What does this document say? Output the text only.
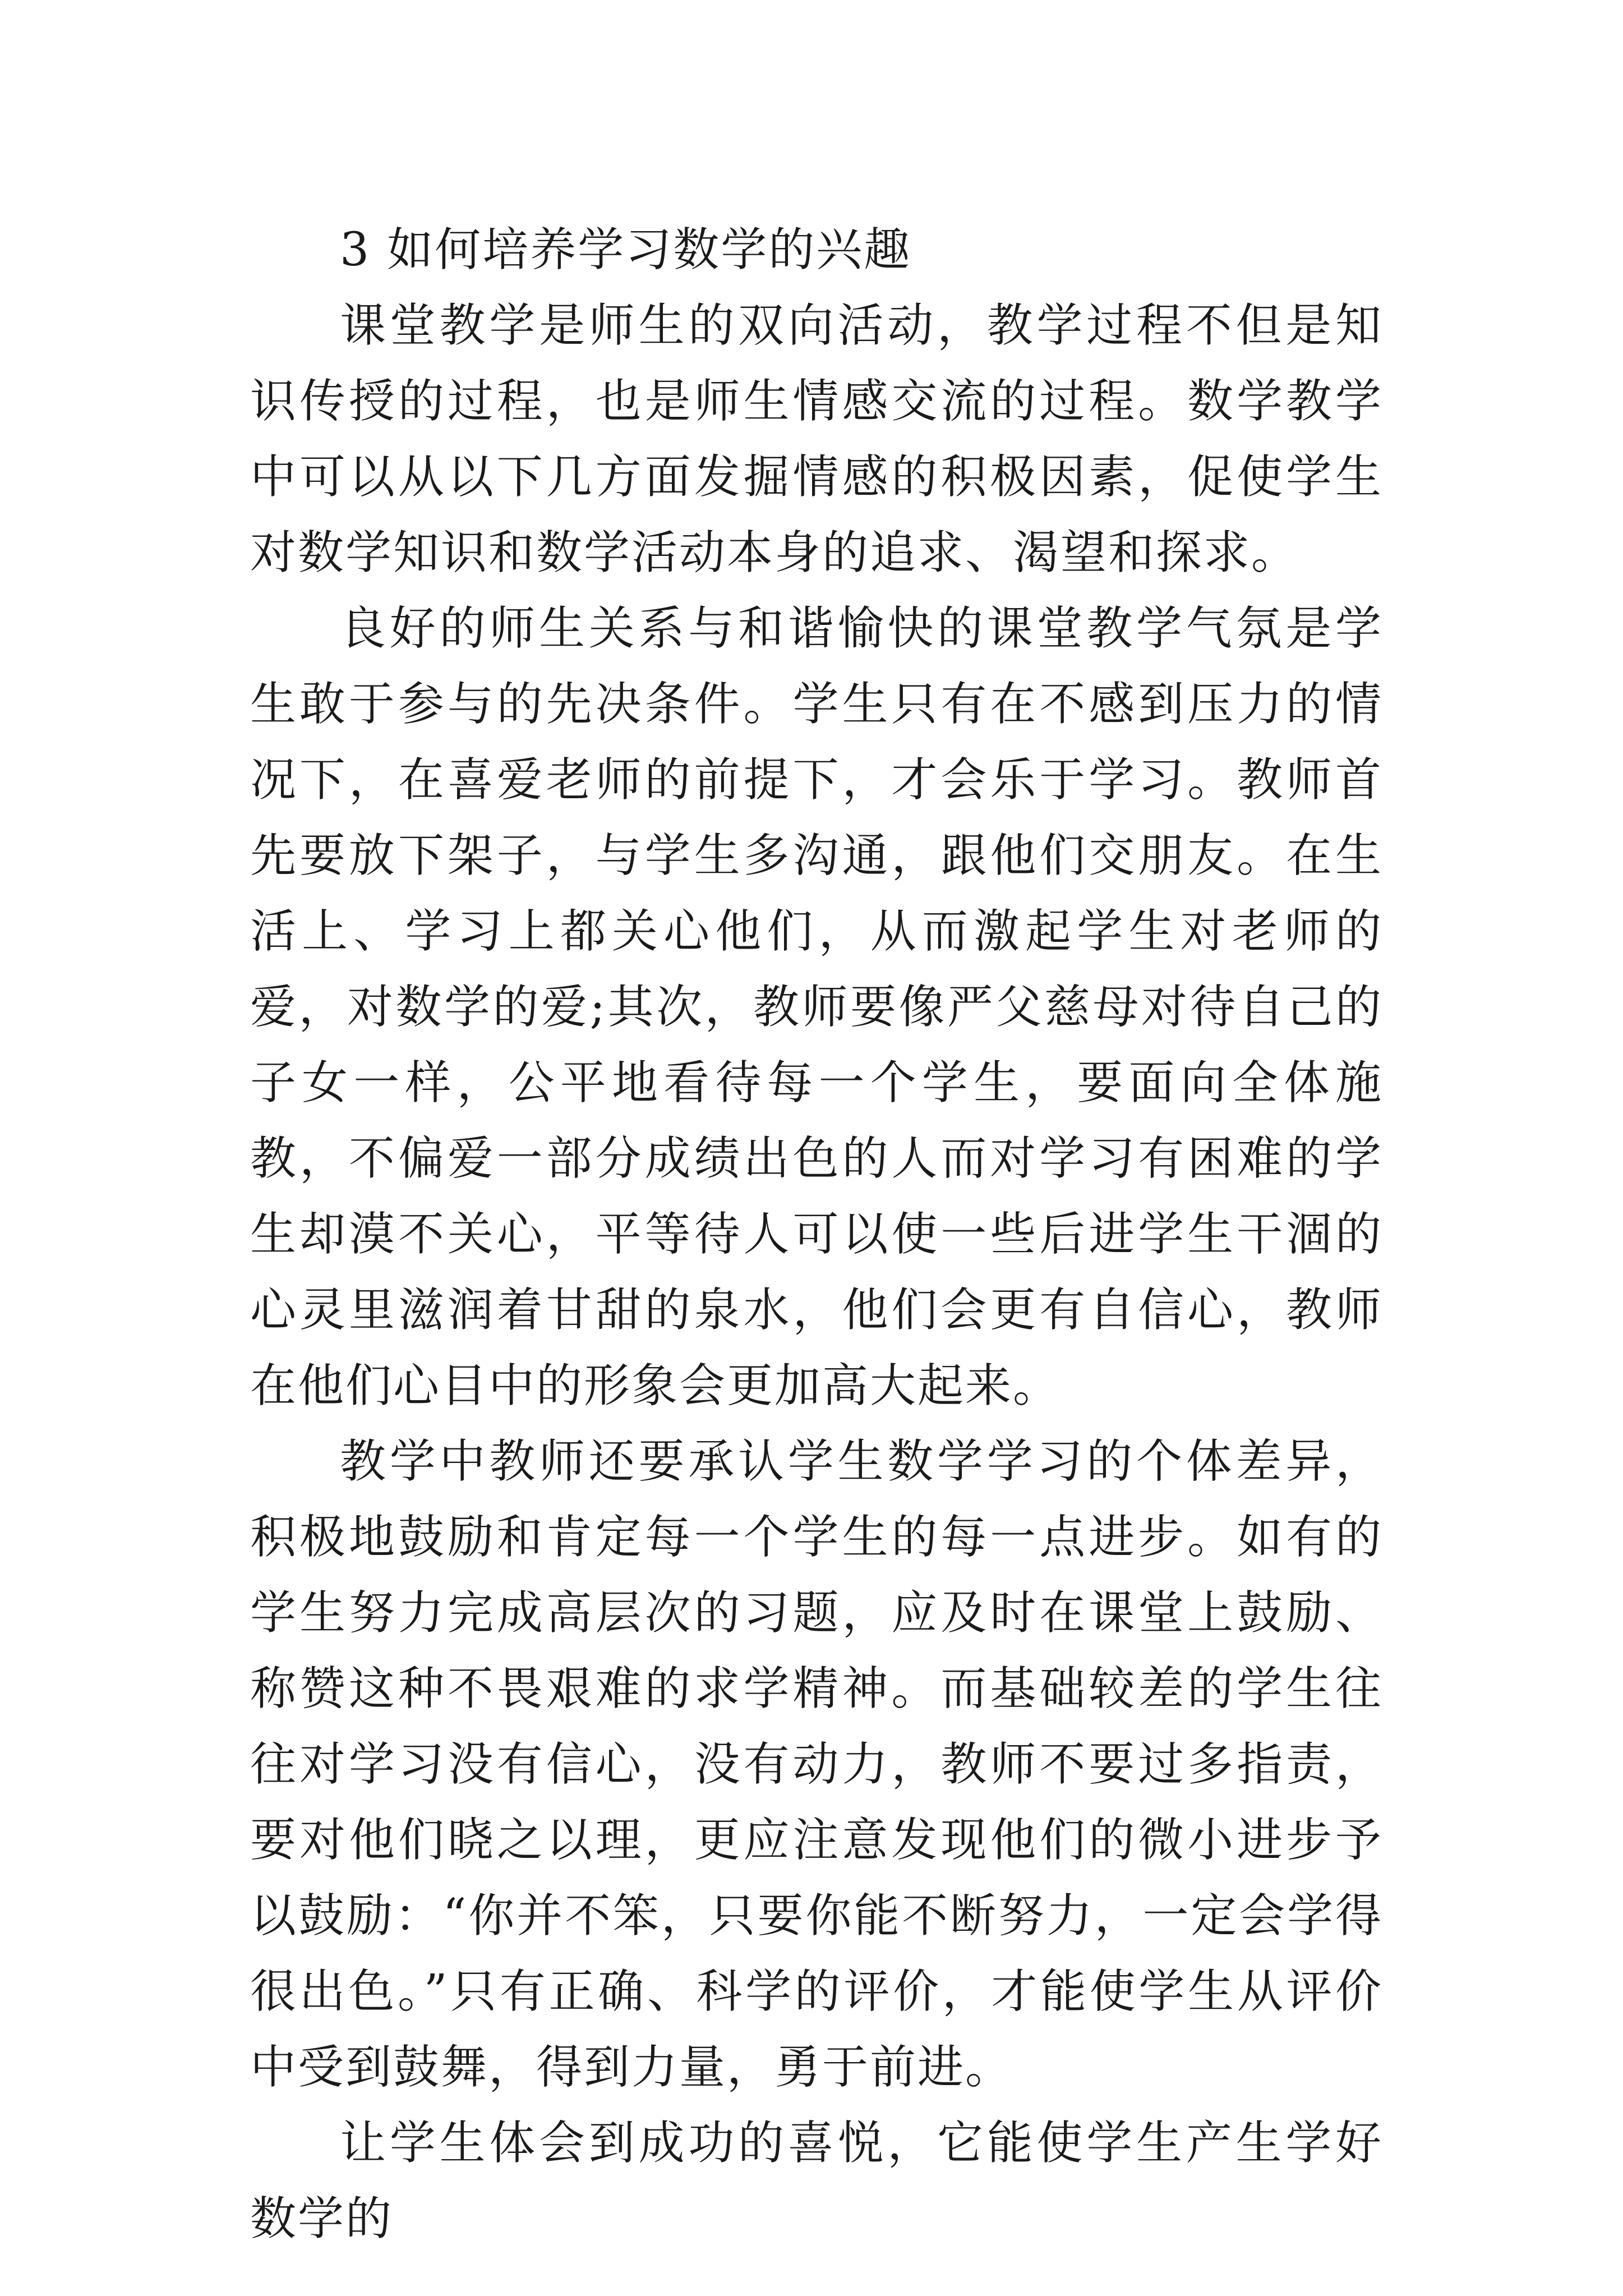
3 如何培养学习数学的兴趣

课堂教学是师生的双向活动，教学过程不但是知识传授的过程，也是师生情感交流的过程。数学教学中可以从以下几方面发掘情感的积极因素，促使学生对数学知识和数学活动本身的追求、渴望和探求。

良好的师生关系与和谐愉快的课堂教学气氛是学生敢于参与的先决条件。学生只有在不感到压力的情况下，在喜爱老师的前提下，才会乐于学习。教师首先要放下架子，与学生多沟通，跟他们交朋友。在生活上、学习上都关心他们，从而激起学生对老师的爱，对数学的爱;其次，教师要像严父慈母对待自己的子女一样，公平地看待每一个学生，要面向全体施教，不偏爱一部分成绩出色的人而对学习有困难的学生却漠不关心，平等待人可以使一些后进学生干涸的心灵里滋润着甘甜的泉水，他们会更有自信心，教师在他们心目中的形象会更加高大起来。

教学中教师还要承认学生数学学习的个体差异，积极地鼓励和肯定每一个学生的每一点进步。如有的学生努力完成高层次的习题，应及时在课堂上鼓励、称赞这种不畏艰难的求学精神。而基础较差的学生往往对学习没有信心，没有动力，教师不要过多指责，要对他们晓之以理，更应注意发现他们的微小进步予以鼓励：“你并不笨，只要你能不断努力，一定会学得很出色。”只有正确、科学的评价，才能使学生从评价中受到鼓舞，得到力量，勇于前进。

让学生体会到成功的喜悦，它能使学生产生学好数学的
